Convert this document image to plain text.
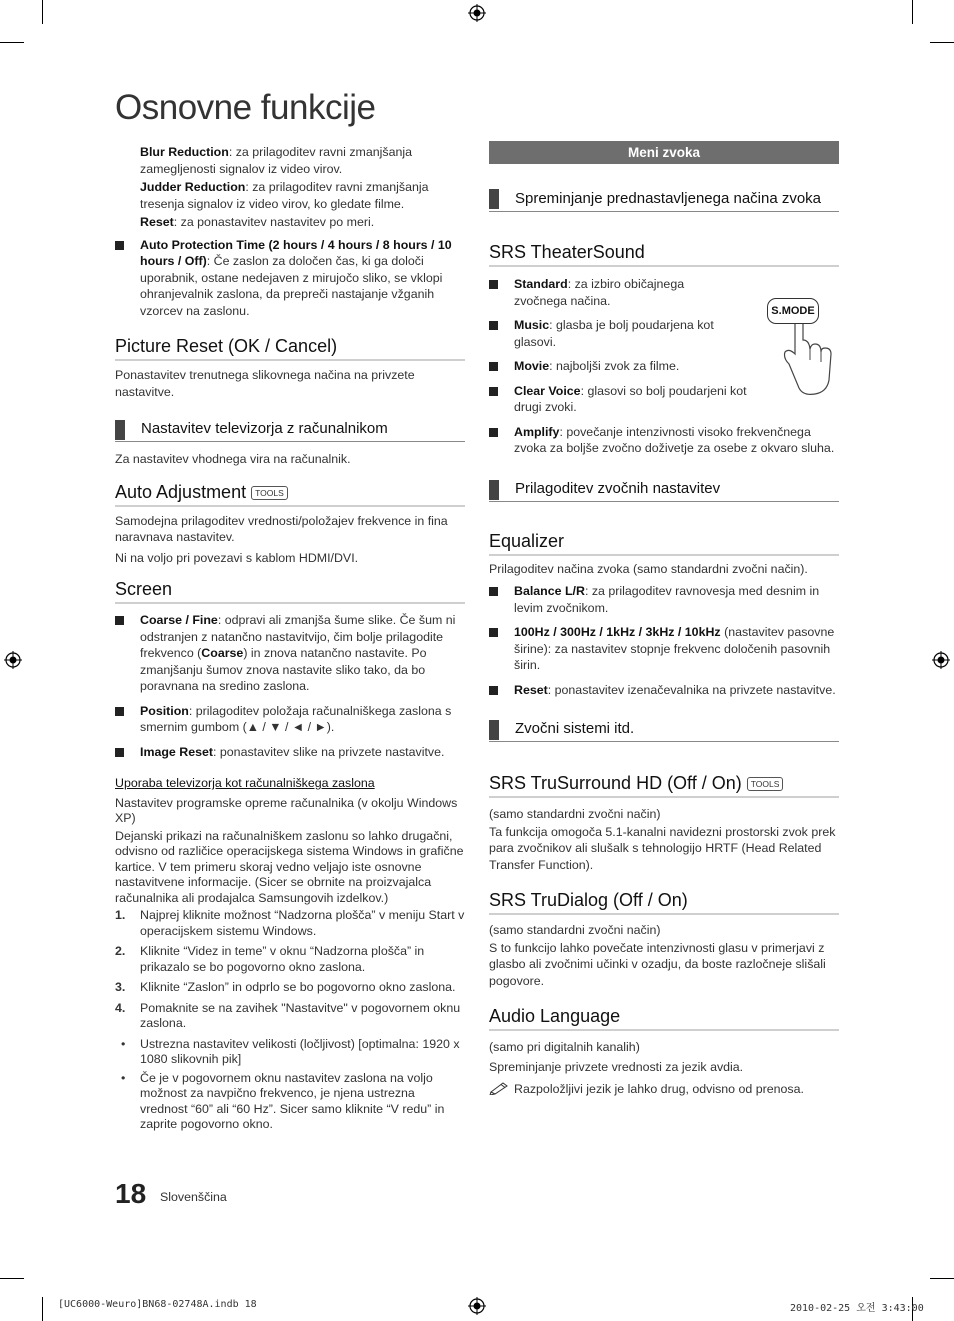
Osnovne funkcije

Blur Reduction: za prilagoditev ravni zmanjšanja zameglјenosti signalov iz video virov.

Judder Reduction: za prilagoditev ravni zmanjšanja tresenja signalov iz video virov, ko gledate filme.

Reset: za ponastavitev nastavitev po meri.

Auto Protection Time (2 hours / 4 hours / 8 hours / 10 hours / Off): Če zaslon za določen čas, ki ga določi uporabnik, ostane nedejaven z mirujočo sliko, se vklopi ohranjevalnik zaslona, da prepreči nastajanje vžganih vzorcev na zaslonu.
Picture Reset (OK / Cancel)

Ponastavitev trenutnega slikovnega načina na privzete nastavitve.

Nastavitev televizorja z računalnikom

Za nastavitev vhodnega vira na računalnik.

Auto Adjustment TOOLS

Samodejna prilagoditev vrednosti/položajev frekvence in fina naravnava nastavitev.

Ni na voljo pri povezavi s kablom HDMI/DVI.

Screen
Coarse / Fine: odpravi ali zmanjša šume slike. Če šum ni odstranjen z natančno nastavitvijo, čim bolje prilagodite frekvenco (Coarse) in znova natančno nastavite. Po zmanjšanju šumov znova nastavite sliko tako, da bo poravnana na sredino zaslona.
Position: prilagoditev položaja računalniškega zaslona s smernim gumbom (▲ / ▼ / ◄ / ►).
Image Reset: ponastavitev slike na privzete nastavitve.

Uporaba televizorja kot računalniškega zaslona

Nastavitev programske opreme računalnika (v okolju Windows XP)

Dejanski prikazi na računalniškem zaslonu so lahko drugačni, odvisno od različice operacijskega sistema Windows in grafične kartice. V tem primeru skoraj vedno veljajo iste osnovne nastavitvene informacije. (Sicer se obrnite na proizvajalca računalnika ali prodajalca Samsungovih izdelkov.)

1. Najprej kliknite možnost “Nadzorna plošča” v meniju Start v operacijskem sistemu Windows.
2. Kliknite “Videz in teme” v oknu “Nadzorna plošča” in prikazalo se bo pogovorno okno zaslona.
3. Kliknite “Zaslon” in odprlo se bo pogovorno okno zaslona.
4. Pomaknite se na zavihek "Nastavitve" v pogovornem oknu zaslona.
• Ustrezna nastavitev velikosti (ločljivost) [optimalna: 1920 x 1080 slikovnih pik]
• Če je v pogovornem oknu nastavitev zaslona na voljo možnost za navpično frekvenco, je njena ustrezna vrednost “60” ali “60 Hz”. Sicer samo kliknite “V redu” in zaprite pogovorno okno.
18 Slovenščina
Meni zvoka
Spreminjanje prednastavljenega načina zvoka
SRS TheaterSound
Standard: za izbiro običajnega zvočnega načina.
Music: glasba je bolj poudarjena kot glasovi.
Movie: najboljši zvok za filme.
Clear Voice: glasovi so bolj poudarjeni kot drugi zvoki.
Amplify: povečanje intenzivnosti visoko frekvenčnega zvoka za boljše zvočno doživetje za osebe z okvaro sluha.
S.MODE
Prilagoditev zvočnih nastavitev
Equalizer

Prilagoditev načina zvoka (samo standardni zvočni način).

Balance L/R: za prilagoditev ravnovesja med desnim in levim zvočnikom.
100Hz / 300Hz / 1kHz / 3kHz / 10kHz (nastavitev pasovne širine): za nastavitev stopnje frekvenc določenih pasovnih širin.
Reset: ponastavitev izenačevalnika na privzete nastavitve.
Zvočni sistemi itd.
SRS TruSurround HD (Off / On) TOOLS

(samo standardni zvočni način)

Ta funkcija omogoča 5.1-kanalni navidezni prostorski zvok prek para zvočnikov ali slušalk s tehnologijo HRTF (Head Related Transfer Function).

SRS TruDialog (Off / On)

(samo standardni zvočni način)

S to funkcijo lahko povečate intenzivnosti glasu v primerjavi z glasbo ali zvočnimi učinki v ozadju, da boste razločneje slišali pogovore.

Audio Language

(samo pri digitalnih kanalih)

Spreminjanje privzete vrednosti za jezik avdia.

Razpoložljivi jezik je lahko drug, odvisno od prenosa.
[UC6000-Weuro]BN68-02748A.indb 18	2010-02-25 오전 3:43:00
